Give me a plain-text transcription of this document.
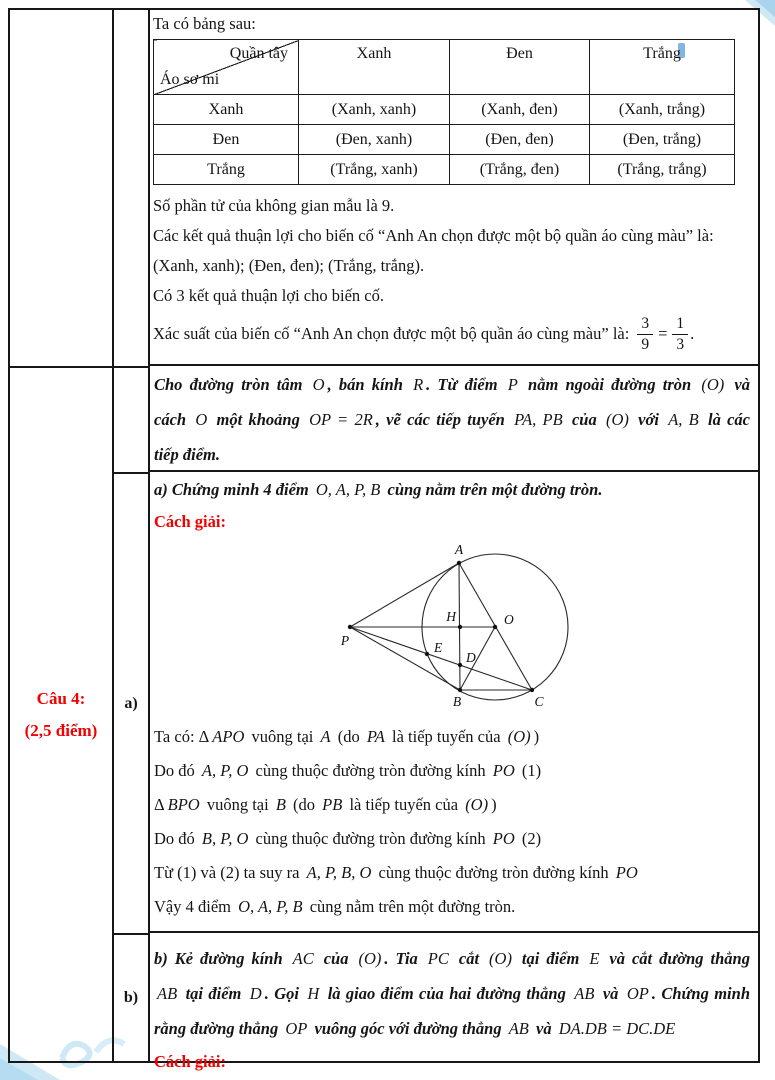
Câu 4:
(2,5 điểm)
a)
b)
Ta có bảng sau:
Quần tây
Áo sơ mi	Xanh	Đen	Trắng
Xanh	(Xanh, xanh)	(Xanh, đen)	(Xanh, trắng)
Đen	(Đen, xanh)	(Đen, đen)	(Đen, trắng)
Trắng	(Trắng, xanh)	(Trắng, đen)	(Trắng, trắng)
Số phần tử của không gian mẫu là 9.
Các kết quả thuận lợi cho biến cố “Anh An chọn được một bộ quần áo cùng màu” là:
(Xanh, xanh); (Đen, đen); (Trắng, trắng).
Có 3 kết quả thuận lợi cho biến cố.
Xác suất của biến cố “Anh An chọn được một bộ quần áo cùng màu” là: $\frac{3}{9} = \frac{1}{3}$ .
Cho đường tròn tâm O , bán kính R . Từ điểm P nằm ngoài đường tròn (O) và
cách O một khoảng OP = 2R , vẽ các tiếp tuyến PA, PB của (O) với A, B là các
tiếp điểm.
a) Chứng minh 4 điểm O, A, P, B cùng nằm trên một đường tròn.
Cách giải:
A
P
O
H
E
D
B	C
Ta có: Δ APO vuông tại A (do PA là tiếp tuyến của (O) )
Do đó A, P, O cùng thuộc đường tròn đường kính PO (1)
Δ BPO vuông tại B (do PB là tiếp tuyến của (O) )
Do đó B, P, O cùng thuộc đường tròn đường kính PO (2)
Từ (1) và (2) ta suy ra A, P, B, O cùng thuộc đường tròn đường kính PO
Vậy 4 điểm O, A, P, B cùng nằm trên một đường tròn.
b) Kẻ đường kính AC của (O) . Tia PC cắt (O) tại điểm E và cắt đường thẳng
AB tại điểm D . Gọi H là giao điểm của hai đường thẳng AB và OP . Chứng minh
rằng đường thẳng OP vuông góc với đường thẳng AB và DA.DB = DC.DE
Cách giải:
